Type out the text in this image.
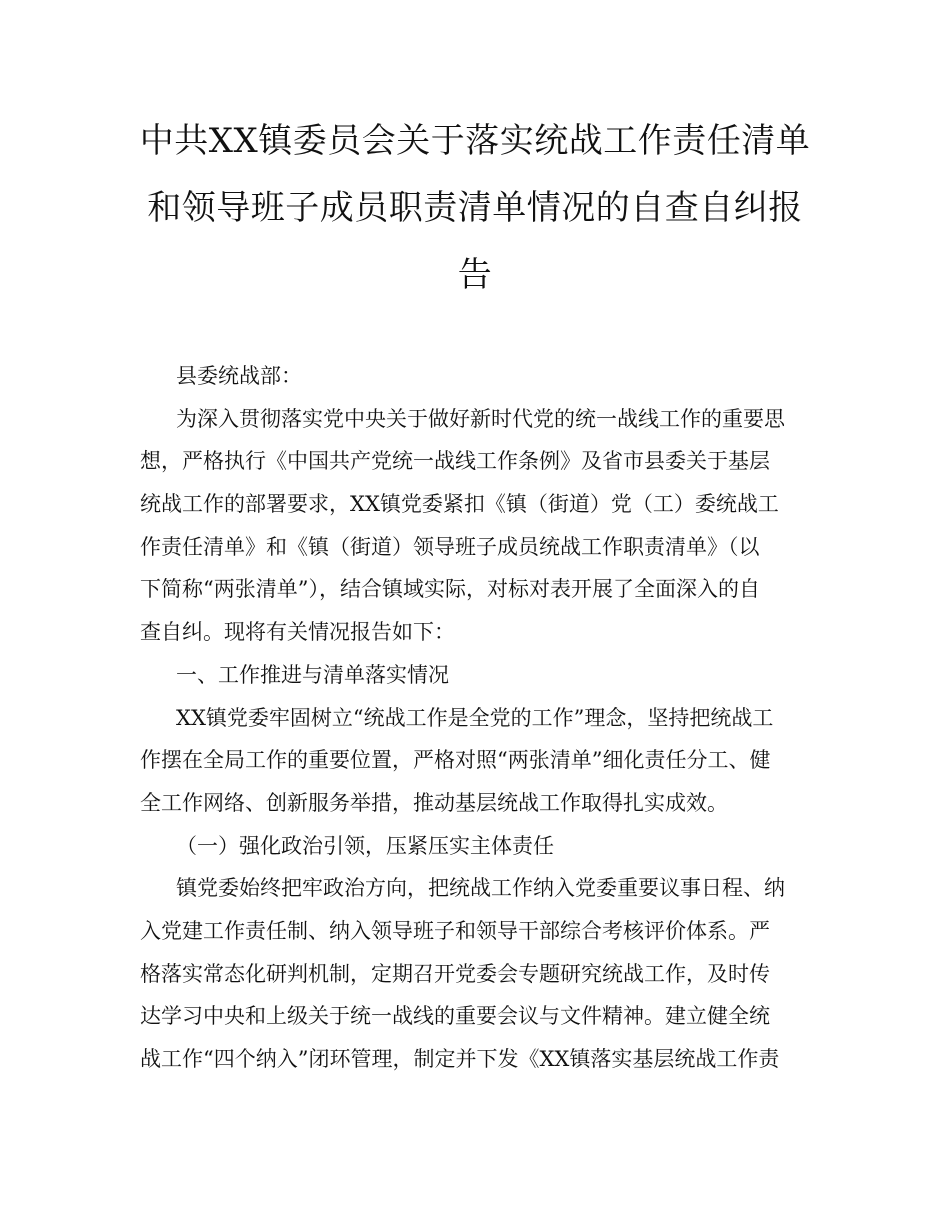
中共XX镇委员会关于落实统战工作责任清单
和领导班子成员职责清单情况的自查自纠报
告
县委统战部：
为深入贯彻落实党中央关于做好新时代党的统一战线工作的重要思
想，严格执行《中国共产党统一战线工作条例》及省市县委关于基层
统战工作的部署要求，XX镇党委紧扣《镇（街道）党（工）委统战工
作责任清单》和《镇（街道）领导班子成员统战工作职责清单》（以
下简称“两张清单”），结合镇域实际，对标对表开展了全面深入的自
查自纠。现将有关情况报告如下：
一、工作推进与清单落实情况
XX镇党委牢固树立“统战工作是全党的工作”理念，坚持把统战工
作摆在全局工作的重要位置，严格对照“两张清单”细化责任分工、健
全工作网络、创新服务举措，推动基层统战工作取得扎实成效。
（一）强化政治引领，压紧压实主体责任
镇党委始终把牢政治方向，把统战工作纳入党委重要议事日程、纳
入党建工作责任制、纳入领导班子和领导干部综合考核评价体系。严
格落实常态化研判机制，定期召开党委会专题研究统战工作，及时传
达学习中央和上级关于统一战线的重要会议与文件精神。建立健全统
战工作“四个纳入”闭环管理，制定并下发《XX镇落实基层统战工作责
